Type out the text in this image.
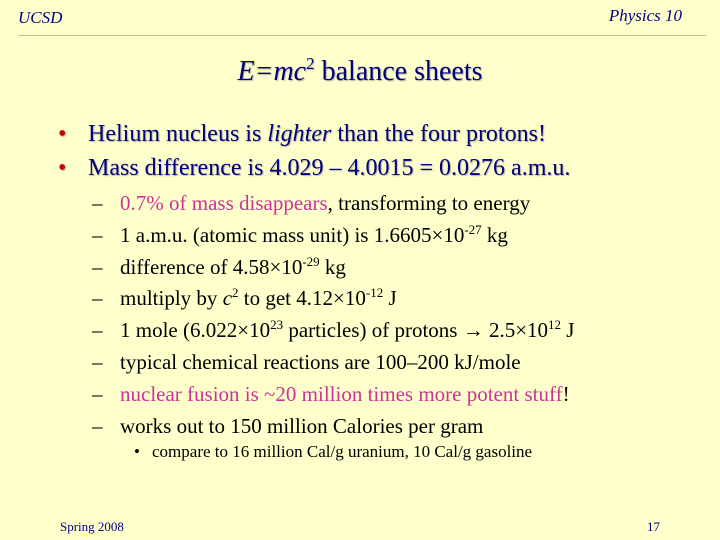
UCSD	Physics 10
$E=mc^2$ balance sheets
• Helium nucleus is lighter than the four protons!
• Mass difference is 4.029 – 4.0015 = 0.0276 a.m.u.
– 0.7% of mass disappears, transforming to energy
– 1 a.m.u. (atomic mass unit) is $1.6605\times 10^{-27}$ kg
– difference of $4.58\times 10^{-29}$ kg
– multiply by $c^2$ to get $4.12\times 10^{-12}$ J
– 1 mole ($6.022\times 10^{23}$ particles) of protons → $2.5\times 10^{12}$ J
– typical chemical reactions are 100–200 kJ/mole
– nuclear fusion is ~20 million times more potent stuff!
– works out to 150 million Calories per gram
• compare to 16 million Cal/g uranium, 10 Cal/g gasoline
Spring 2008	17
